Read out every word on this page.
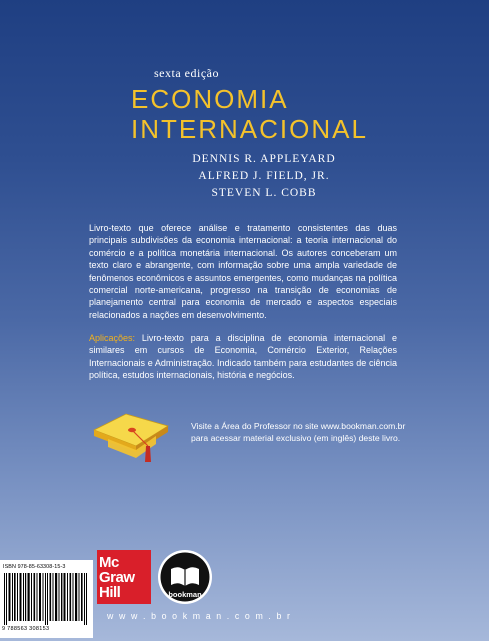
sexta edição
ECONOMIA
INTERNACIONAL
DENNIS R. APPLEYARD
ALFRED J. FIELD, JR.
STEVEN L. COBB

Livro-texto que oferece análise e tratamento consistentes das duas principais subdivisões da economia internacional: a teoria internacional do comércio e a política monetária internacional. Os autores conceberam um texto claro e abrangente, com informação sobre uma ampla variedade de fenômenos econômicos e assuntos emergentes, como mudanças na política comercial norte-americana, progresso na transição de economias de planejamento central para economia de mercado e aspectos especiais relacionados a nações em desenvolvimento.

Aplicações: Livro-texto para a disciplina de economia internacional e similares em cursos de Economia, Comércio Exterior, Relações Internacionais e Administração. Indicado também para estudantes de ciência política, estudos internacionais, história e negócios.

Visite a Área do Professor no site www.bookman.com.br
para acessar material exclusivo (em inglês) deste livro.
ISBN 978-85-63308-15-3
9 788563 308153
Mc
Graw
Hill	bookman
w w w . b o o k m a n . c o m . b r
